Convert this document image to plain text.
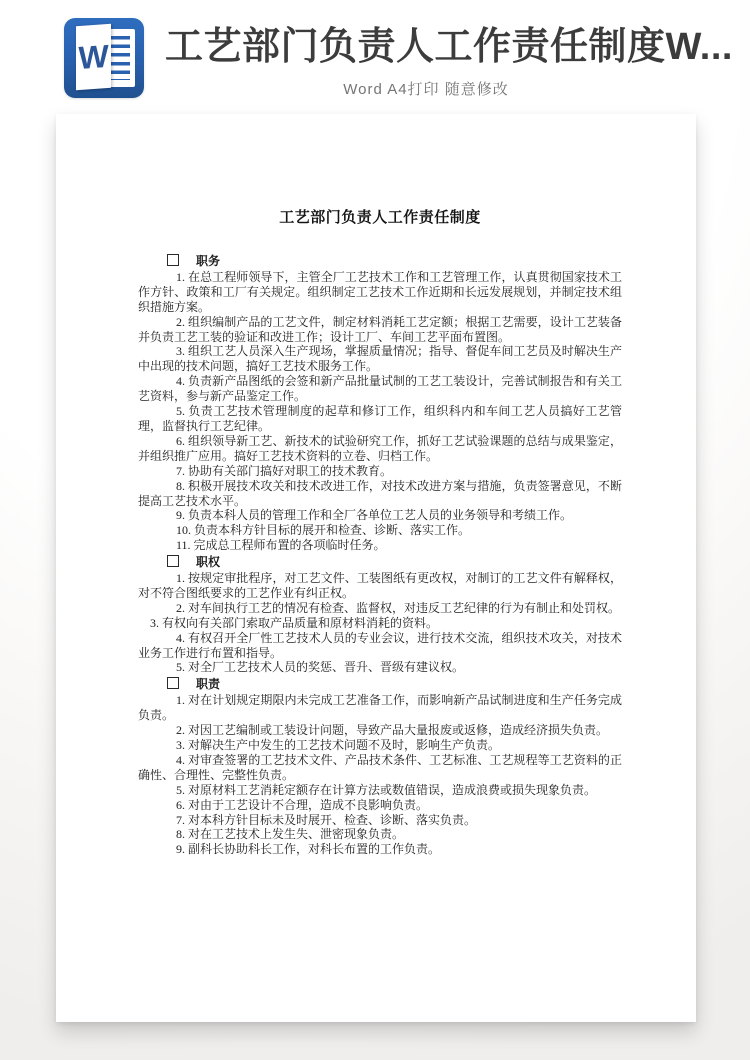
W 工艺部门负责人工作责任制度W...
Word A4打印 随意修改
工艺部门负责人工作责任制度
职务

1. 在总工程师领导下，主管全厂工艺技术工作和工艺管理工作，认真贯彻国家技术工作方针、政策和工厂有关规定。组织制定工艺技术工作近期和长远发展规划，并制定技术组织措施方案。

2. 组织编制产品的工艺文件，制定材料消耗工艺定额；根据工艺需要，设计工艺装备并负责工艺工装的验证和改进工作；设计工厂、车间工艺平面布置图。

3. 组织工艺人员深入生产现场，掌握质量情况；指导、督促车间工艺员及时解决生产中出现的技术问题，搞好工艺技术服务工作。

4. 负责新产品图纸的会签和新产品批量试制的工艺工装设计，完善试制报告和有关工艺资料，参与新产品鉴定工作。

5. 负责工艺技术管理制度的起草和修订工作，组织科内和车间工艺人员搞好工艺管理，监督执行工艺纪律。

6. 组织领导新工艺、新技术的试验研究工作，抓好工艺试验课题的总结与成果鉴定，并组织推广应用。搞好工艺技术资料的立卷、归档工作。

7. 协助有关部门搞好对职工的技术教育。

8. 积极开展技术攻关和技术改进工作，对技术改进方案与措施，负责签署意见，不断提高工艺技术水平。

9. 负责本科人员的管理工作和全厂各单位工艺人员的业务领导和考绩工作。

10. 负责本科方针目标的展开和检查、诊断、落实工作。

11. 完成总工程师布置的各项临时任务。

职权

1. 按规定审批程序，对工艺文件、工装图纸有更改权，对制订的工艺文件有解释权，对不符合图纸要求的工艺作业有纠正权。

2. 对车间执行工艺的情况有检查、监督权，对违反工艺纪律的行为有制止和处罚权。

3. 有权向有关部门索取产品质量和原材料消耗的资料。

4. 有权召开全厂性工艺技术人员的专业会议，进行技术交流，组织技术攻关，对技术业务工作进行布置和指导。

5. 对全厂工艺技术人员的奖惩、晋升、晋级有建议权。

职责

1. 对在计划规定期限内未完成工艺准备工作，而影响新产品试制进度和生产任务完成负责。

2. 对因工艺编制或工装设计问题，导致产品大量报废或返修，造成经济损失负责。

3. 对解决生产中发生的工艺技术问题不及时，影响生产负责。

4. 对审查签署的工艺技术文件、产品技术条件、工艺标准、工艺规程等工艺资料的正确性、合理性、完整性负责。

5. 对原材料工艺消耗定额存在计算方法或数值错误，造成浪费或损失现象负责。

6. 对由于工艺设计不合理，造成不良影响负责。

7. 对本科方针目标未及时展开、检查、诊断、落实负责。

8. 对在工艺技术上发生失、泄密现象负责。

9. 副科长协助科长工作，对科长布置的工作负责。
